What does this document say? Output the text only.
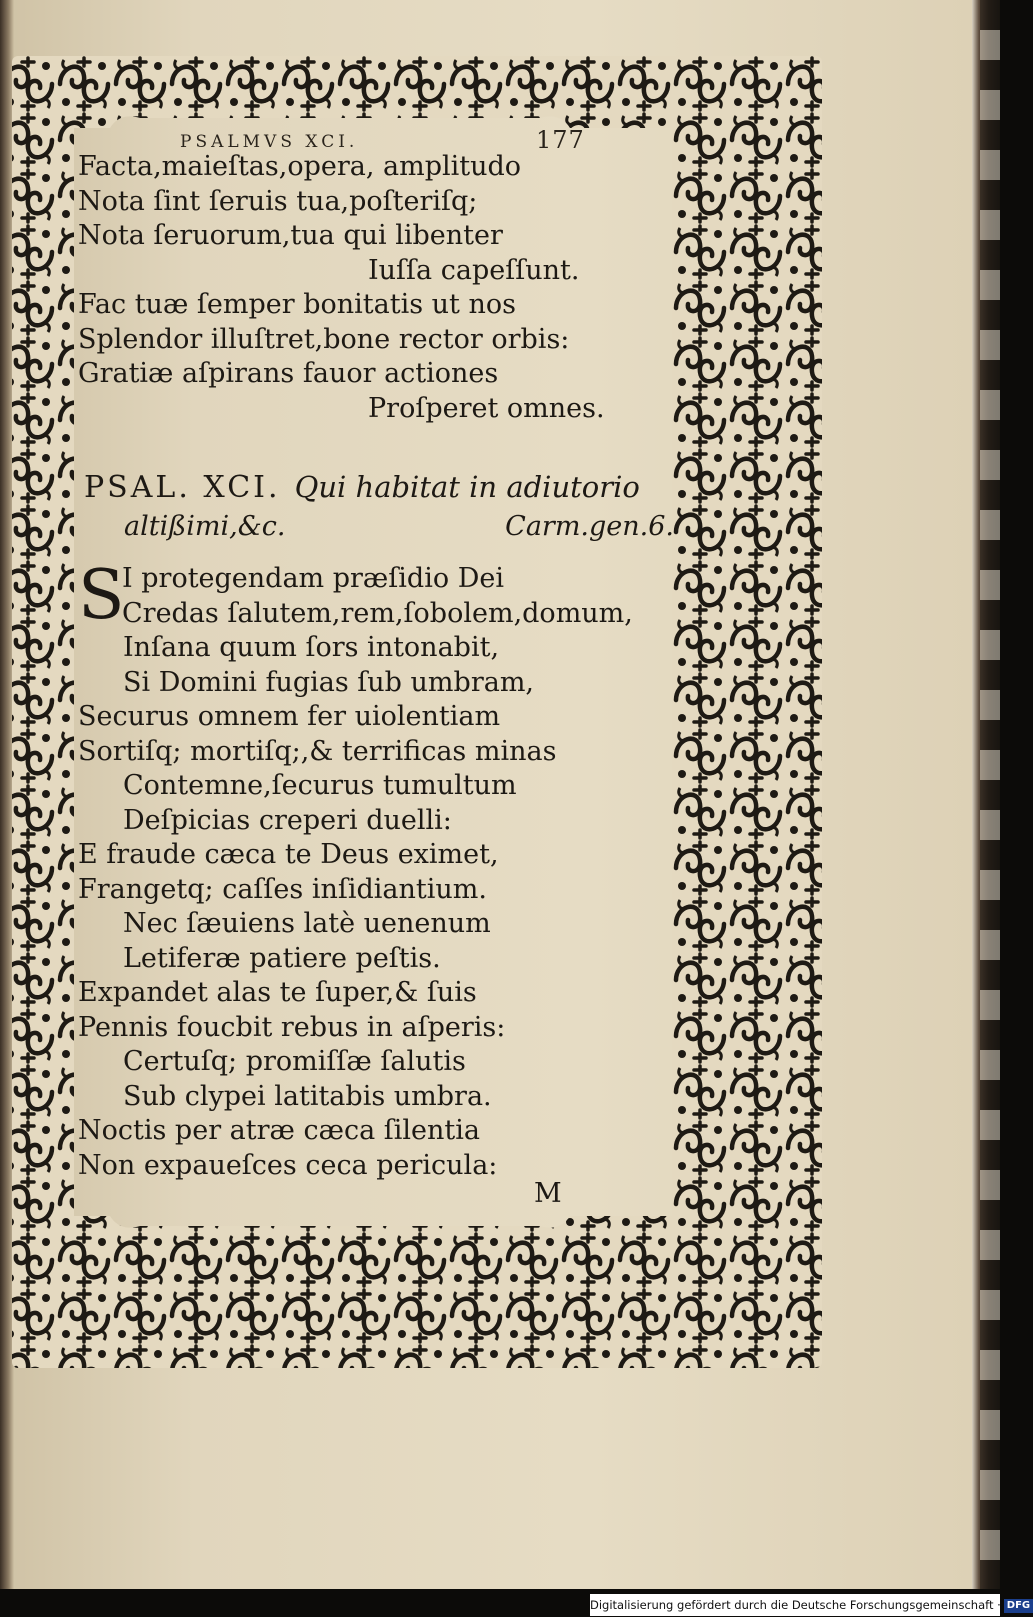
PSALMVS XCI.	177
Facta,maieſtas,opera, amplitudo
Nota ſint ſeruis tua,poſteriſq;
Nota ſeruorum,tua qui libenter
Iuſſa capeſſunt.
Fac tuæ ſemper bonitatis ut nos
Splendor illuſtret,bone rector orbis:
Gratiæ aſpirans fauor actiones
Proſperet omnes.
PSAL. XCI. Qui habitat in adiutorio
altißimi,&c.	Carm.gen.6.
S
I protegendam præſidio Dei
Credas ſalutem,rem,ſobolem,domum,
Inſana quum ſors intonabit,
Si Domini fugias ſub umbram,
Securus omnem fer uiolentiam
Sortiſq; mortiſq;,& terrificas minas
Contemne,ſecurus tumultum
Deſpicias creperi duelli:
E fraude cæca te Deus eximet,
Frangetq; caſſes inſidiantium.
Nec ſæuiens latè uenenum
Letiferæ patiere peſtis.
Expandet alas te ſuper,& ſuis
Pennis foucbit rebus in aſperis:
Certuſq; promiſſæ ſalutis
Sub clypei latitabis umbra.
Noctis per atræ cæca ſilentia
Non expaueſces ceca pericula:
M
Digitalisierung gefördert durch die Deutsche Forschungsgemeinschaft · DFG
